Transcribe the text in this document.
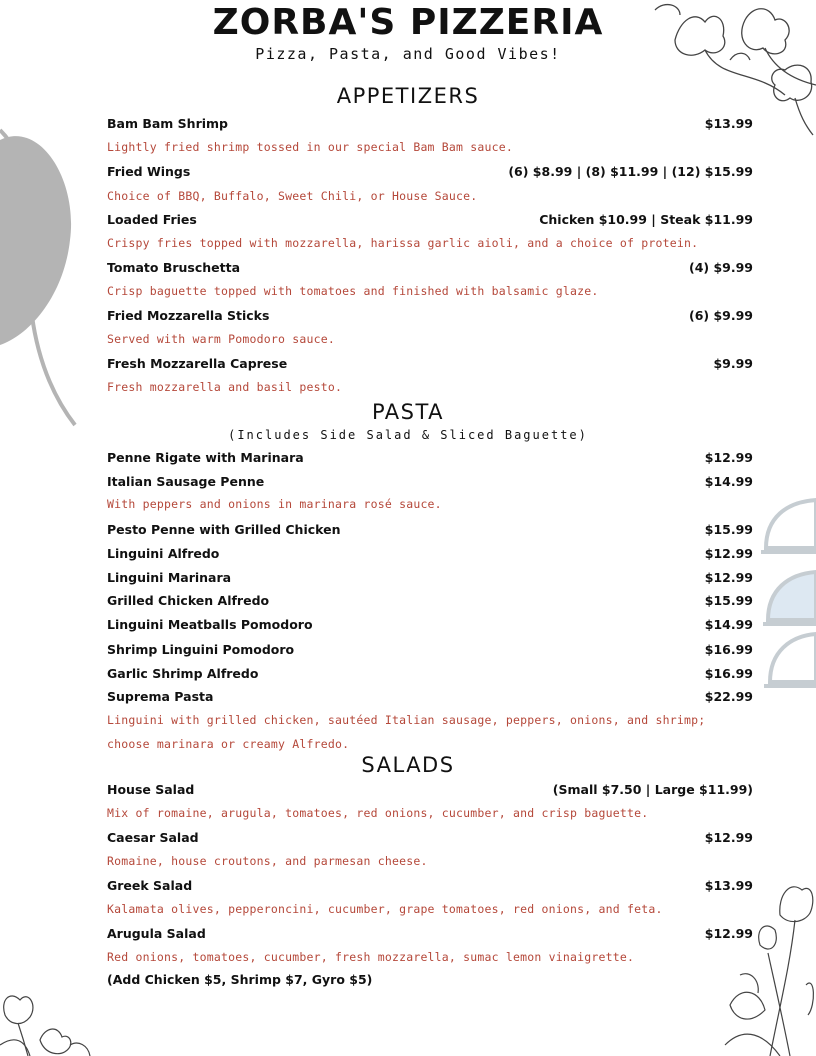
ZORBA'S PIZZERIA
Pizza, Pasta, and Good Vibes!
APPETIZERS
Bam Bam Shrimp	$13.99
Lightly fried shrimp tossed in our special Bam Bam sauce.
Fried Wings	(6) $8.99 | (8) $11.99 | (12) $15.99
Choice of BBQ, Buffalo, Sweet Chili, or House Sauce.
Loaded Fries	Chicken $10.99 | Steak $11.99
Crispy fries topped with mozzarella, harissa garlic aioli, and a choice of protein.
Tomato Bruschetta	(4) $9.99
Crisp baguette topped with tomatoes and finished with balsamic glaze.
Fried Mozzarella Sticks	(6) $9.99
Served with warm Pomodoro sauce.
Fresh Mozzarella Caprese	$9.99
Fresh mozzarella and basil pesto.
PASTA
(Includes Side Salad & Sliced Baguette)
Penne Rigate with Marinara	$12.99
Italian Sausage Penne	$14.99
With peppers and onions in marinara rosé sauce.
Pesto Penne with Grilled Chicken	$15.99
Linguini Alfredo	$12.99
Linguini Marinara	$12.99
Grilled Chicken Alfredo	$15.99
Linguini Meatballs Pomodoro	$14.99
Shrimp Linguini Pomodoro	$16.99
Garlic Shrimp Alfredo	$16.99
Suprema Pasta	$22.99
Linguini with grilled chicken, sautéed Italian sausage, peppers, onions, and shrimp; choose marinara or creamy Alfredo.
SALADS
House Salad	(Small $7.50 | Large $11.99)
Mix of romaine, arugula, tomatoes, red onions, cucumber, and crisp baguette.
Caesar Salad	$12.99
Romaine, house croutons, and parmesan cheese.
Greek Salad	$13.99
Kalamata olives, pepperoncini, cucumber, grape tomatoes, red onions, and feta.
Arugula Salad	$12.99
Red onions, tomatoes, cucumber, fresh mozzarella, sumac lemon vinaigrette.
(Add Chicken $5, Shrimp $7, Gyro $5)
